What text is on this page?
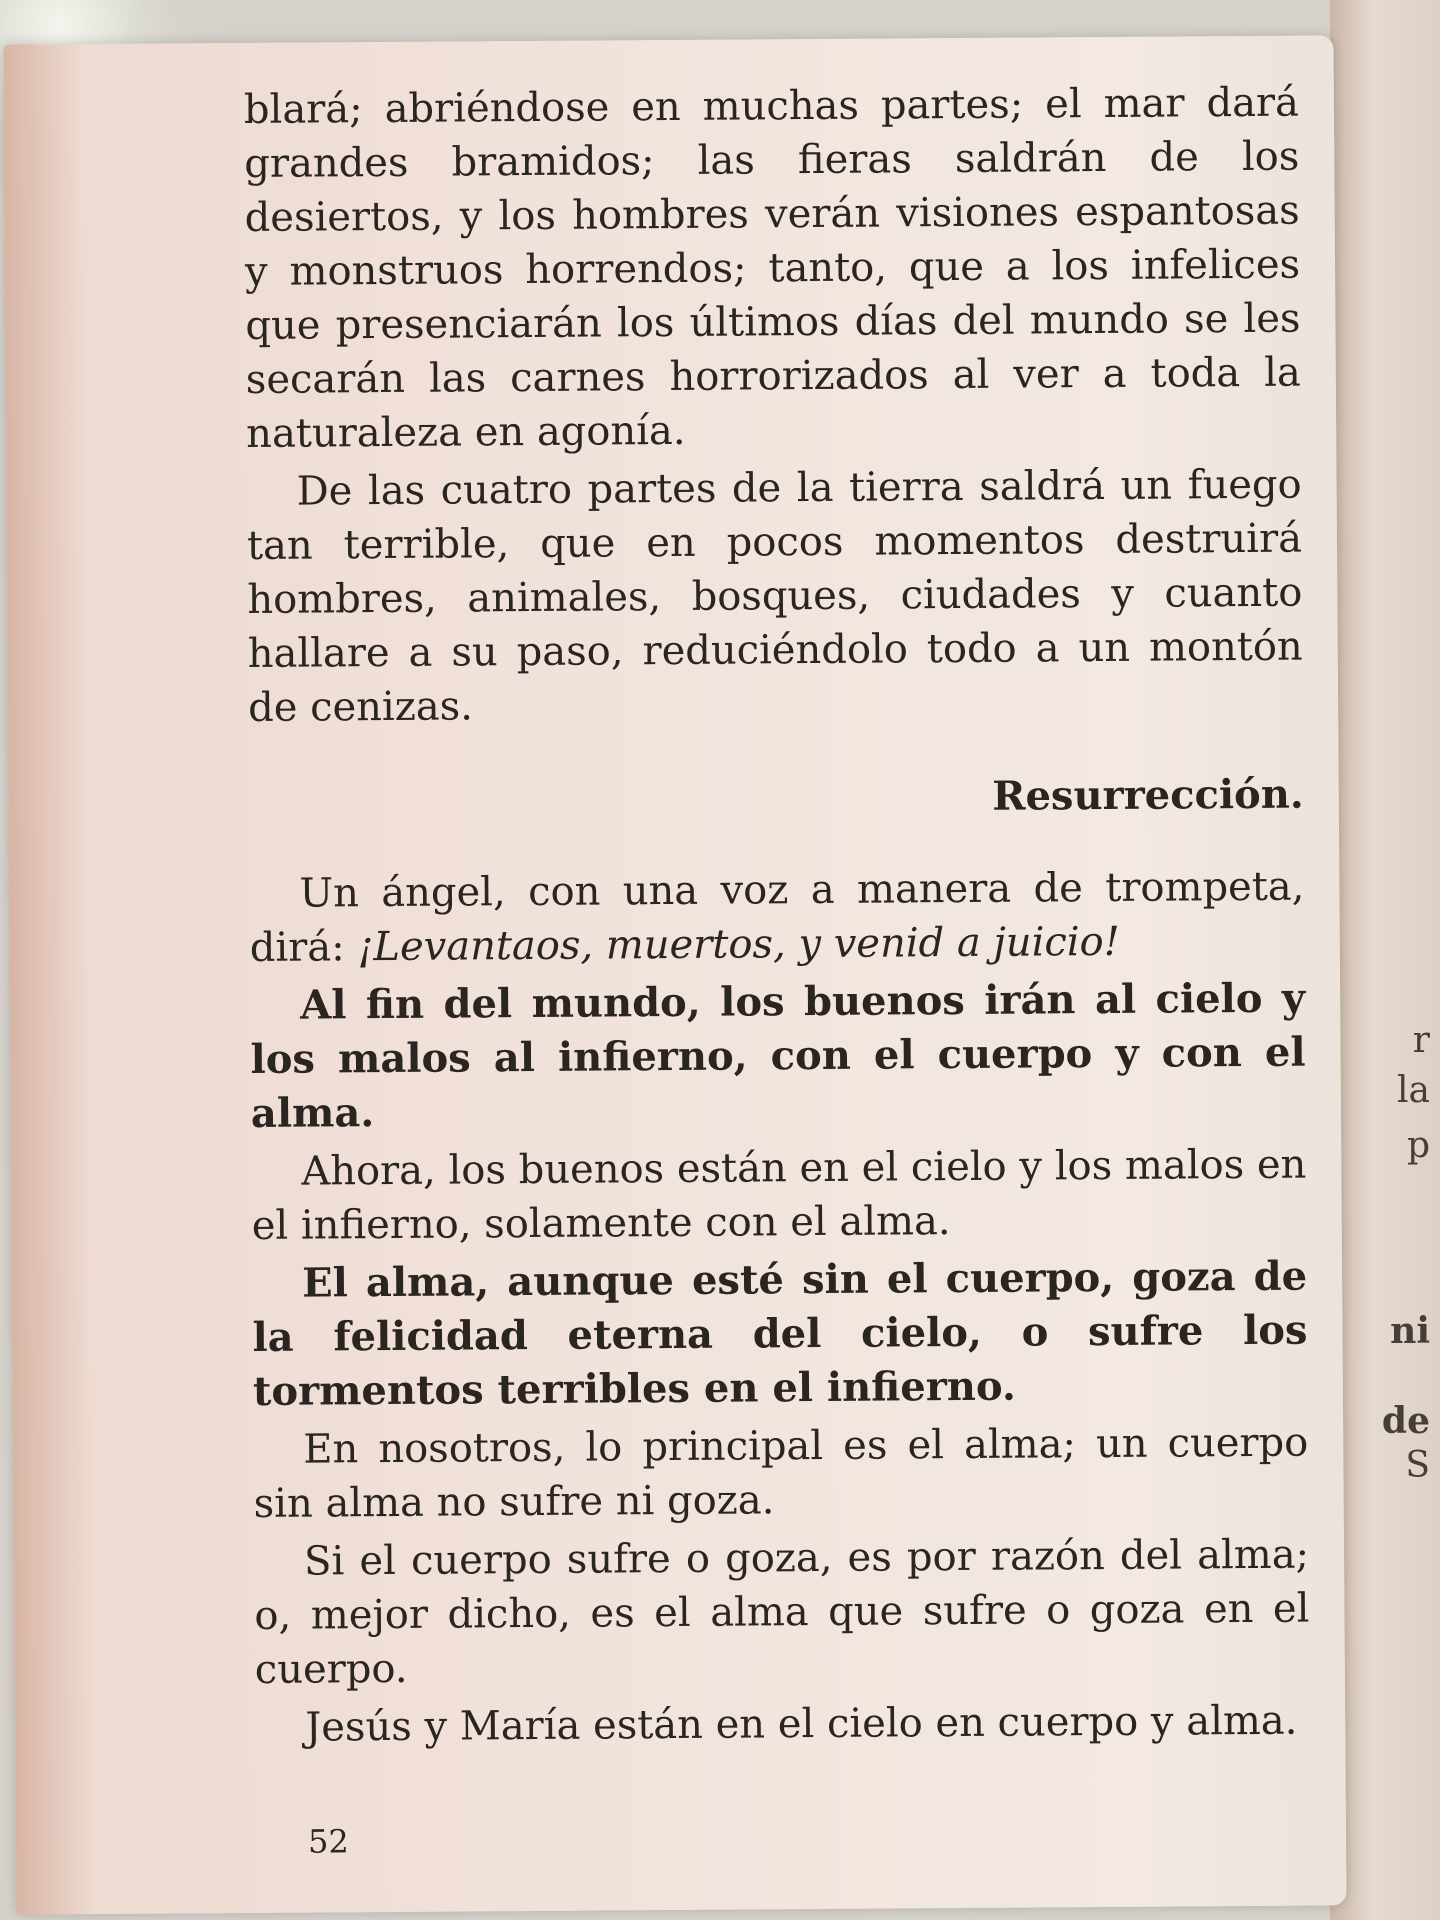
r
la
p
ni
de
S

blará; abriéndose en muchas partes; el mar dará grandes bramidos; las fieras saldrán de los desiertos, y los hombres verán visiones espantosas y monstruos horrendos; tanto, que a los infelices que presenciarán los últimos días del mundo se les secarán las carnes horrorizados al ver a toda la naturaleza en agonía.

De las cuatro partes de la tierra saldrá un fuego tan terrible, que en pocos momentos destruirá hombres, animales, bosques, ciudades y cuanto hallare a su paso, reduciéndolo todo a un montón de cenizas.

Resurrección.

Un ángel, con una voz a manera de trompeta, dirá: ¡Levantaos, muertos, y venid a juicio!

Al fin del mundo, los buenos irán al cielo y los malos al infierno, con el cuerpo y con el alma.

Ahora, los buenos están en el cielo y los malos en el infierno, solamente con el alma.

El alma, aunque esté sin el cuerpo, goza de la felicidad eterna del cielo, o sufre los tormentos terribles en el infierno.

En nosotros, lo principal es el alma; un cuerpo sin alma no sufre ni goza.

Si el cuerpo sufre o goza, es por razón del alma; o, mejor dicho, es el alma que sufre o goza en el cuerpo.

Jesús y María están en el cielo en cuerpo y alma.

52
